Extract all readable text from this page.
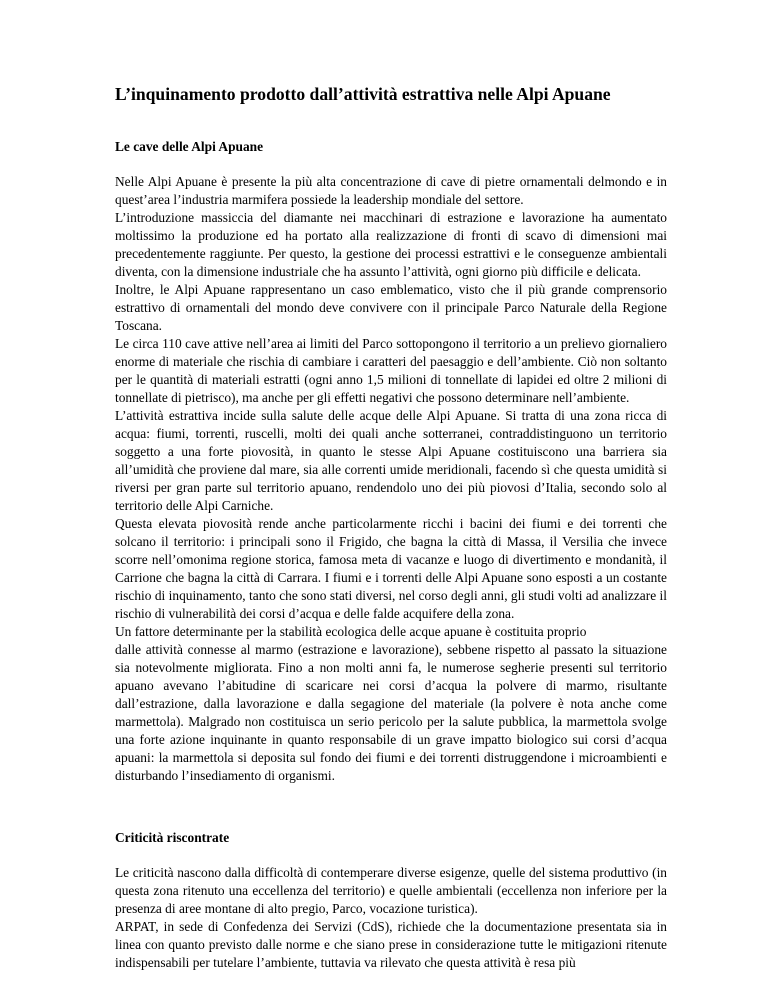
L’inquinamento prodotto dall’attività estrattiva nelle Alpi Apuane
Le cave delle Alpi Apuane

Nelle Alpi Apuane è presente la più alta concentrazione di cave di pietre ornamentali delmondo e in quest’area l’industria marmifera possiede la leadership mondiale del settore.

L’introduzione massiccia del diamante nei macchinari di estrazione e lavorazione ha aumentato moltissimo la produzione ed ha portato alla realizzazione di fronti di scavo di dimensioni mai precedentemente raggiunte. Per questo, la gestione dei processi estrattivi e le conseguenze ambientali diventa, con la dimensione industriale che ha assunto l’attività, ogni giorno più difficile e delicata.

Inoltre, le Alpi Apuane rappresentano un caso emblematico, visto che il più grande comprensorio estrattivo di ornamentali del mondo deve convivere con il principale Parco Naturale della Regione Toscana.

Le circa 110 cave attive nell’area ai limiti del Parco sottopongono il territorio a un prelievo giornaliero enorme di materiale che rischia di cambiare i caratteri del paesaggio e dell’ambiente. Ciò non soltanto per le quantità di materiali estratti (ogni anno 1,5 milioni di tonnellate di lapidei ed oltre 2 milioni di tonnellate di pietrisco), ma anche per gli effetti negativi che possono determinare nell’ambiente.

L’attività estrattiva incide sulla salute delle acque delle Alpi Apuane. Si tratta di una zona ricca di acqua: fiumi, torrenti, ruscelli, molti dei quali anche sotterranei, contraddistinguono un territorio soggetto a una forte piovosità, in quanto le stesse Alpi Apuane costituiscono una barriera sia all’umidità che proviene dal mare, sia alle correnti umide meridionali, facendo sì che questa umidità si riversi per gran parte sul territorio apuano, rendendolo uno dei più piovosi d’Italia, secondo solo al territorio delle Alpi Carniche.

Questa elevata piovosità rende anche particolarmente ricchi i bacini dei fiumi e dei torrenti che solcano il territorio: i principali sono il Frigido, che bagna la città di Massa, il Versilia che invece scorre nell’omonima regione storica, famosa meta di vacanze e luogo di divertimento e mondanità, il Carrione che bagna la città di Carrara. I fiumi e i torrenti delle Alpi Apuane sono esposti a un costante rischio di inquinamento, tanto che sono stati diversi, nel corso degli anni, gli studi volti ad analizzare il rischio di vulnerabilità dei corsi d’acqua e delle falde acquifere della zona.

Un fattore determinante per la stabilità ecologica delle acque apuane è costituita proprio

dalle attività connesse al marmo (estrazione e lavorazione), sebbene rispetto al passato la situazione sia notevolmente migliorata. Fino a non molti anni fa, le numerose segherie presenti sul territorio apuano avevano l’abitudine di scaricare nei corsi d’acqua la polvere di marmo, risultante dall’estrazione, dalla lavorazione e dalla segagione del materiale (la polvere è nota anche come marmettola). Malgrado non costituisca un serio pericolo per la salute pubblica, la marmettola svolge una forte azione inquinante in quanto responsabile di un grave impatto biologico sui corsi d’acqua apuani: la marmettola si deposita sul fondo dei fiumi e dei torrenti distruggendone i microambienti e disturbando l’insediamento di organismi.

Criticità riscontrate

Le criticità nascono dalla difficoltà di contemperare diverse esigenze, quelle del sistema produttivo (in questa zona ritenuto una eccellenza del territorio) e quelle ambientali (eccellenza non inferiore per la presenza di aree montane di alto pregio, Parco, vocazione turistica).

ARPAT, in sede di Confedenza dei Servizi (CdS), richiede che la documentazione presentata sia in linea con quanto previsto dalle norme e che siano prese in considerazione tutte le mitigazioni ritenute indispensabili per tutelare l’ambiente, tuttavia va rilevato che questa attività è resa più
